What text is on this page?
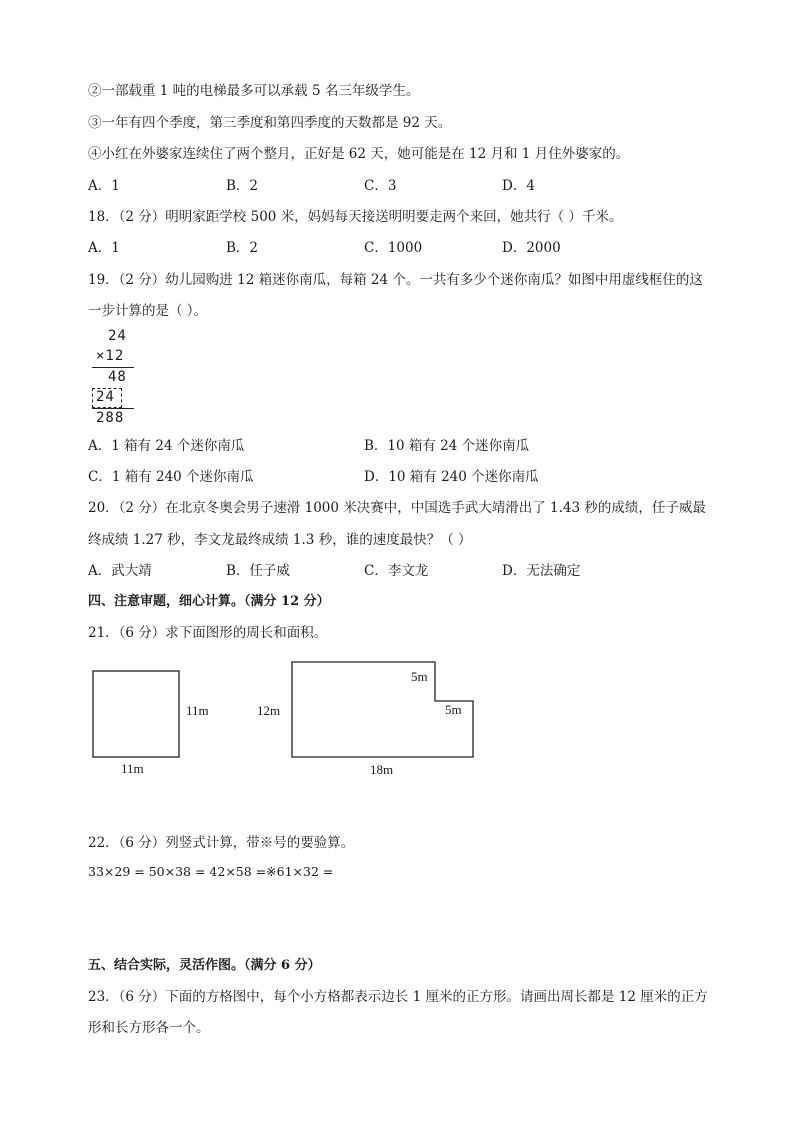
②一部载重 1 吨的电梯最多可以承载 5 名三年级学生。
③一年有四个季度，第三季度和第四季度的天数都是 92 天。
④小红在外婆家连续住了两个整月，正好是 62 天，她可能是在 12 月和 1 月住外婆家的。
A．1	B．2	C．3	D．4
18．（2 分）明明家距学校 500 米，妈妈每天接送明明要走两个来回，她共行（ ）千米。
A．1	B．2	C．1000	D．2000
19．（2 分）幼儿园购进 12 箱迷你南瓜，每箱 24 个。一共有多少个迷你南瓜？如图中用虚线框住的这
一步计算的是（ ）。
24
×12
48
24
288
A．1 箱有 24 个迷你南瓜	B．10 箱有 24 个迷你南瓜
C．1 箱有 240 个迷你南瓜	D．10 箱有 240 个迷你南瓜
20．（2 分）在北京冬奥会男子速滑 1000 米决赛中，中国选手武大靖滑出了 1.43 秒的成绩，任子威最
终成绩 1.27 秒，李文龙最终成绩 1.3 秒，谁的速度最快？（ ）
A．武大靖	B．任子威	C．李文龙	D．无法确定
四、注意审题，细心计算。（满分 12 分）
21．（6 分）求下面图形的周长和面积。
11m
11m
12m
5m
5m
18m
22．（6 分）列竖式计算，带※号的要验算。
33×29 = 50×38 = 42×58 =※61×32 =
五、结合实际，灵活作图。（满分 6 分）
23．（6 分）下面的方格图中，每个小方格都表示边长 1 厘米的正方形。请画出周长都是 12 厘米的正方
形和长方形各一个。
